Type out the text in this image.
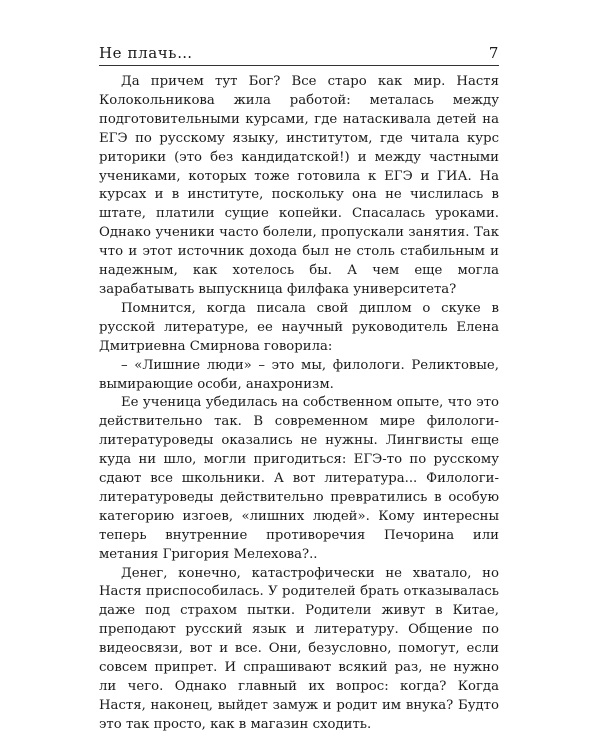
Не плачь…	7

Да причем тут Бог? Все старо как мир. Настя Колокольникова жила работой: металась между подготовительными курсами, где натаскивала детей на ЕГЭ по русскому языку, институтом, где читала курс риторики (это без кандидатской!) и между частными учениками, которых тоже готовила к ЕГЭ и ГИА. На курсах и в институте, поскольку она не числилась в штате, платили сущие копейки. Спасалась уроками. Однако ученики часто болели, пропускали занятия. Так что и этот источник дохода был не столь стабильным и надежным, как хотелось бы. А чем еще могла зарабатывать выпускница филфака университета?

Помнится, когда писала свой диплом о скуке в русской литературе, ее научный руководитель Елена Дмитриевна Смирнова говорила:

– «Лишние люди» – это мы, филологи. Реликтовые, вымирающие особи, анахронизм.

Ее ученица убедилась на собственном опыте, что это действительно так. В современном мире филологи-литературоведы оказались не нужны. Лингвисты еще куда ни шло, могли пригодиться: ЕГЭ-то по русскому сдают все школьники. А вот литература... Филологи-литературоведы действительно превратились в особую категорию изгоев, «лишних людей». Кому интересны теперь внутренние противоречия Печорина или метания Григория Мелехова?..

Денег, конечно, катастрофически не хватало, но Настя приспособилась. У родителей брать отказывалась даже под страхом пытки. Родители живут в Китае, преподают русский язык и литературу. Общение по видеосвязи, вот и все. Они, безусловно, помогут, если совсем припрет. И спрашивают всякий раз, не нужно ли чего. Однако главный их вопрос: когда? Когда Настя, наконец, выйдет замуж и родит им внука? Будто это так просто, как в магазин сходить.
